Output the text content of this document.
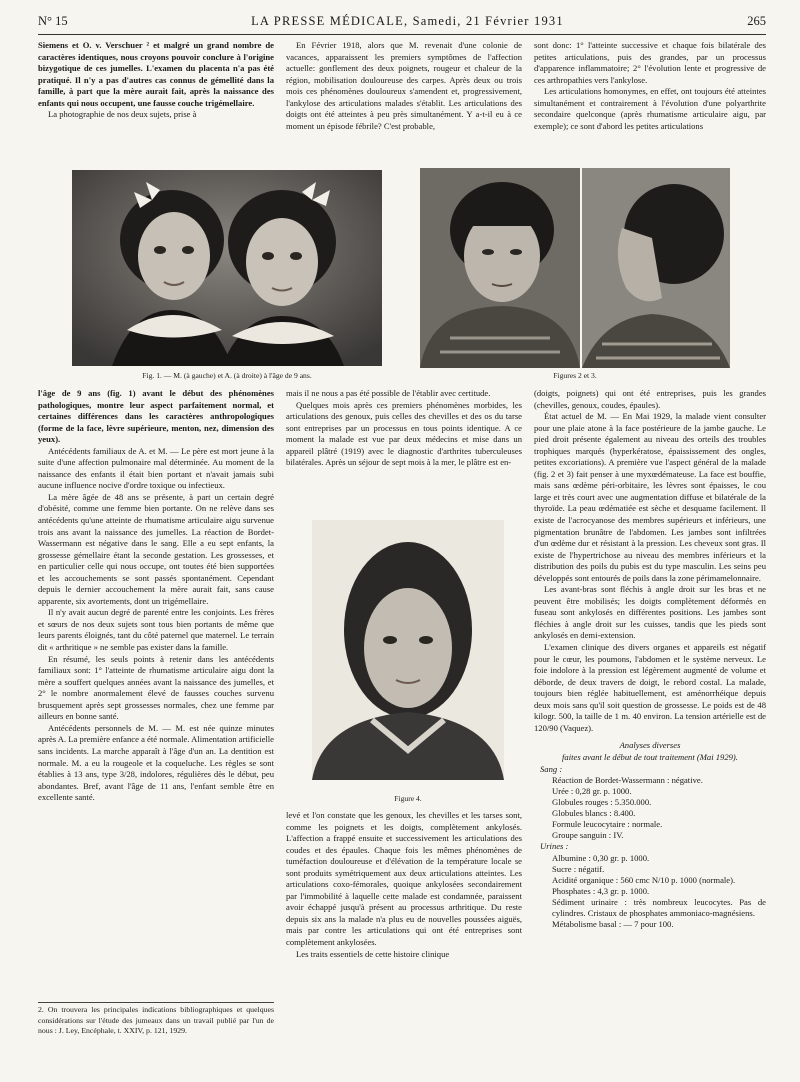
N° 15	LA PRESSE MÉDICALE, Samedi, 21 Février 1931	265

Siemens et O. v. Verschuer ² et malgré un grand nombre de caractères identiques, nous croyons pouvoir conclure à l'origine bizygotique de ces jumelles. L'examen du placenta n'a pas été pratiqué. Il n'y a pas d'autres cas connus de gémellité dans la famille, à part que la mère aurait fait, après la naissance des enfants qui nous occupent, une fausse couche trigémellaire.

La photographie de nos deux sujets, prise à

En Février 1918, alors que M. revenait d'une colonie de vacances, apparaissent les premiers symptômes de l'affection actuelle: gonflement des deux poignets, rougeur et chaleur de la région, mobilisation douloureuse des carpes. Après deux ou trois mois ces phénomènes douloureux s'amendent et, progressivement, l'ankylose des articulations malades s'établit. Les articulations des doigts ont été atteintes à peu près simultanément. Y a-t-il eu à ce moment un épisode fébrile? C'est probable,

sont donc: 1° l'atteinte successive et chaque fois bilatérale des petites articulations, puis des grandes, par un processus d'apparence inflammatoire; 2° l'évolution lente et progressive de ces arthropathies vers l'ankylose.

Les articulations homonymes, en effet, ont toujours été atteintes simultanément et contrairement à l'évolution d'une polyarthrite secondaire quelconque (après rhumatisme articulaire aigu, par exemple); ce sont d'abord les petites articulations

Fig. 1. — M. (à gauche) et A. (à droite) à l'âge de 9 ans.	Figures 2 et 3.

l'âge de 9 ans (fig. 1) avant le début des phénomènes pathologiques, montre leur aspect parfaitement normal, et certaines différences dans les caractères anthropologiques (forme de la face, lèvre supérieure, menton, nez, dimension des yeux).

Antécédents familiaux de A. et M. — Le père est mort jeune à la suite d'une affection pulmonaire mal déterminée. Au moment de la naissance des enfants il était bien portant et n'avait jamais subi aucune influence nocive d'ordre toxique ou infectieux.

La mère âgée de 48 ans se présente, à part un certain degré d'obésité, comme une femme bien portante. On ne relève dans ses antécédents qu'une atteinte de rhumatisme articulaire aigu survenue trois ans avant la naissance des jumelles. La réaction de Bordet-Wassermann est négative dans le sang. Elle a eu sept enfants, la grossesse gémellaire étant la seconde gestation. Les grossesses, et en particulier celle qui nous occupe, ont toutes été bien supportées et les accouchements se sont passés spontanément. Cependant depuis le dernier accouchement la mère aurait fait, sans cause apparente, six avortements, dont un trigémellaire.

Il n'y avait aucun degré de parenté entre les conjoints. Les frères et sœurs de nos deux sujets sont tous bien portants de même que leurs parents éloignés, tant du côté paternel que maternel. Le terrain dit « arthritique » ne semble pas exister dans la famille.

En résumé, les seuls points à retenir dans les antécédents familiaux sont: 1° l'atteinte de rhumatisme articulaire aigu dont la mère a souffert quelques années avant la naissance des jumelles, et 2° le nombre anormalement élevé de fausses couches survenu brusquement après sept grossesses normales, chez une femme par ailleurs en bonne santé.

Antécédents personnels de M. — M. est née quinze minutes après A. La première enfance a été normale. Alimentation artificielle sans incidents. La marche apparaît à l'âge d'un an. La dentition est normale. M. a eu la rougeole et la coqueluche. Les règles se sont établies à 13 ans, type 3/28, indolores, régulières dès le début, peu abondantes. Bref, avant l'âge de 11 ans, l'enfant semble être en excellente santé.

2. On trouvera les principales indications bibliographiques et quelques considérations sur l'étude des jumeaux dans un travail publié par l'un de nous : J. Ley, Encéphale, t. XXIV, p. 121, 1929.

mais il ne nous a pas été possible de l'établir avec certitude.

Quelques mois après ces premiers phénomènes morbides, les articulations des genoux, puis celles des chevilles et des os du tarse sont entreprises par un processus en tous points identique. A ce moment la malade est vue par deux médecins et mise dans un appareil plâtré (1919) avec le diagnostic d'arthrites tuberculeuses bilatérales. Après un séjour de sept mois à la mer, le plâtre est en-

Figure 4.

levé et l'on constate que les genoux, les chevilles et les tarses sont, comme les poignets et les doigts, complètement ankylosés. L'affection a frappé ensuite et successivement les articulations des coudes et des épaules. Chaque fois les mêmes phénomènes de tuméfaction douloureuse et d'élévation de la température locale se sont produits symétriquement aux deux articulations atteintes. Les articulations coxo-fémorales, quoique ankylosées secondairement par l'immobilité à laquelle cette malade est condamnée, paraissent avoir échappé jusqu'à présent au processus arthritique. Du reste depuis six ans la malade n'a plus eu de nouvelles poussées aiguës, mais par contre les articulations qui ont été entreprises sont complètement ankylosées.

Les traits essentiels de cette histoire clinique

(doigts, poignets) qui ont été entreprises, puis les grandes (chevilles, genoux, coudes, épaules).

État actuel de M. — En Mai 1929, la malade vient consulter pour une plaie atone à la face postérieure de la jambe gauche. Le pied droit présente également au niveau des orteils des troubles trophiques marqués (hyperkératose, épaississement des ongles, petites excoriations). A première vue l'aspect général de la malade (fig. 2 et 3) fait penser à une myxœdémateuse. La face est bouffie, mais sans œdème péri-orbitaire, les lèvres sont épaisses, le cou large et très court avec une augmentation diffuse et bilatérale de la thyroïde. La peau œdématiée est sèche et desquame facilement. Il existe de l'acrocyanose des membres supérieurs et inférieurs, une pigmentation brunâtre de l'abdomen. Les jambes sont infiltrées d'un œdème dur et résistant à la pression. Les cheveux sont gras. Il existe de l'hypertrichose au niveau des membres inférieurs et la distribution des poils du pubis est du type masculin. Les seins peu développés sont entourés de poils dans la zone périmamelonnaire.

Les avant-bras sont fléchis à angle droit sur les bras et ne peuvent être mobilisés; les doigts complètement déformés en fuseau sont ankylosés en différentes positions. Les jambes sont fléchies à angle droit sur les cuisses, tandis que les pieds sont ankylosés en demi-extension.

L'examen clinique des divers organes et appareils est négatif pour le cœur, les poumons, l'abdomen et le système nerveux. Le foie indolore à la pression est légèrement augmenté de volume et déborde, de deux travers de doigt, le rebord costal. La malade, toujours bien réglée habituellement, est aménorrhéique depuis deux mois sans qu'il soit question de grossesse. Le poids est de 48 kilogr. 500, la taille de 1 m. 40 environ. La tension artérielle est de 120/90 (Vaquez).

Analyses diverses

faites avant le début de tout traitement (Mai 1929).

Sang :

Réaction de Bordet-Wassermann : négative.
Urée : 0,28 gr. p. 1000.
Globules rouges : 5.350.000.
Globules blancs : 8.400.
Formule leucocytaire : normale.
Groupe sanguin : IV.

Urines :

Albumine : 0,30 gr. p. 1000.
Sucre : négatif.
Acidité organique : 560 cmc N/10 p. 1000 (normale).
Phosphates : 4,3 gr. p. 1000.
Sédiment urinaire : très nombreux leucocytes. Pas de cylindres. Cristaux de phosphates ammoniaco-magnésiens.
Métabolisme basal : — 7 pour 100.
